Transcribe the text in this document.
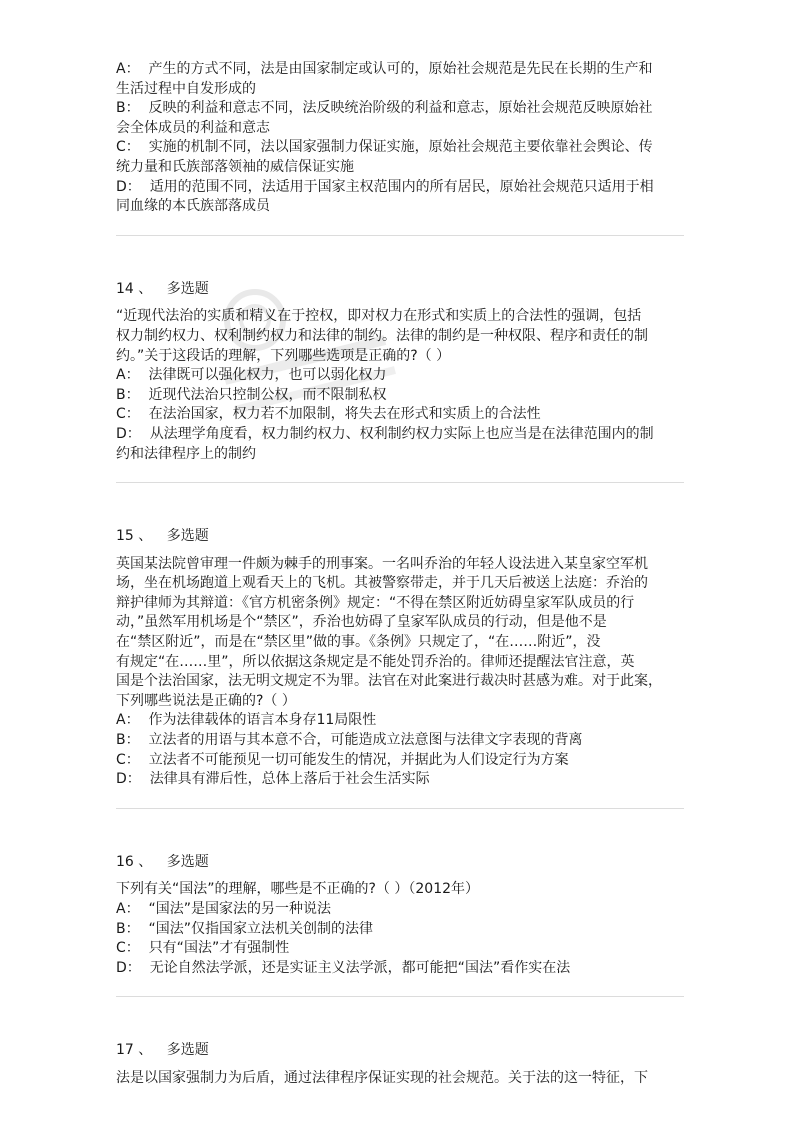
A： 产生的方式不同，法是由国家制定或认可的，原始社会规范是先民在长期的生产和
生活过程中自发形成的
B： 反映的利益和意志不同，法反映统治阶级的利益和意志，原始社会规范反映原始社
会全体成员的利益和意志
C： 实施的机制不同，法以国家强制力保证实施，原始社会规范主要依靠社会舆论、传
统力量和氏族部落领袖的威信保证实施
D： 适用的范围不同，法适用于国家主权范围内的所有居民，原始社会规范只适用于相
同血缘的本氏族部落成员
14 、 多选题
“近现代法治的实质和精义在于控权，即对权力在形式和实质上的合法性的强调，包括
权力制约权力、权利制约权力和法律的制约。法律的制约是一种权限、程序和责任的制
约。”关于这段话的理解，下列哪些选项是正确的?（ ）
A： 法律既可以强化权力，也可以弱化权力
B： 近现代法治只控制公权，而不限制私权
C： 在法治国家，权力若不加限制，将失去在形式和实质上的合法性
D： 从法理学角度看，权力制约权力、权利制约权力实际上也应当是在法律范围内的制
约和法律程序上的制约
15 、 多选题
英国某法院曾审理一件颇为棘手的刑事案。一名叫乔治的年轻人设法进入某皇家空军机
场，坐在机场跑道上观看天上的飞机。其被警察带走，并于几天后被送上法庭：乔治的
辩护律师为其辩道：《官方机密条例》规定：“不得在禁区附近妨碍皇家军队成员的行
动，”虽然军用机场是个“禁区”，乔治也妨碍了皇家军队成员的行动，但是他不是
在“禁区附近”，而是在“禁区里”做的事。《条例》只规定了，“在……附近”，没
有规定“在……里”，所以依据这条规定是不能处罚乔治的。律师还提醒法官注意，英
国是个法治国家，法无明文规定不为罪。法官在对此案进行裁决时甚感为难。对于此案，
下列哪些说法是正确的?（ ）
A： 作为法律载体的语言本身存11局限性
B： 立法者的用语与其本意不合，可能造成立法意图与法律文字表现的背离
C： 立法者不可能预见一切可能发生的情况，并据此为人们设定行为方案
D： 法律具有滞后性，总体上落后于社会生活实际
16 、 多选题
下列有关“国法”的理解，哪些是不正确的?（ ）（2012年）
A： “国法”是国家法的另一种说法
B： “国法”仅指国家立法机关创制的法律
C： 只有“国法”才有强制性
D： 无论自然法学派，还是实证主义法学派，都可能把“国法”看作实在法
17 、 多选题
法是以国家强制力为后盾，通过法律程序保证实现的社会规范。关于法的这一特征，下
